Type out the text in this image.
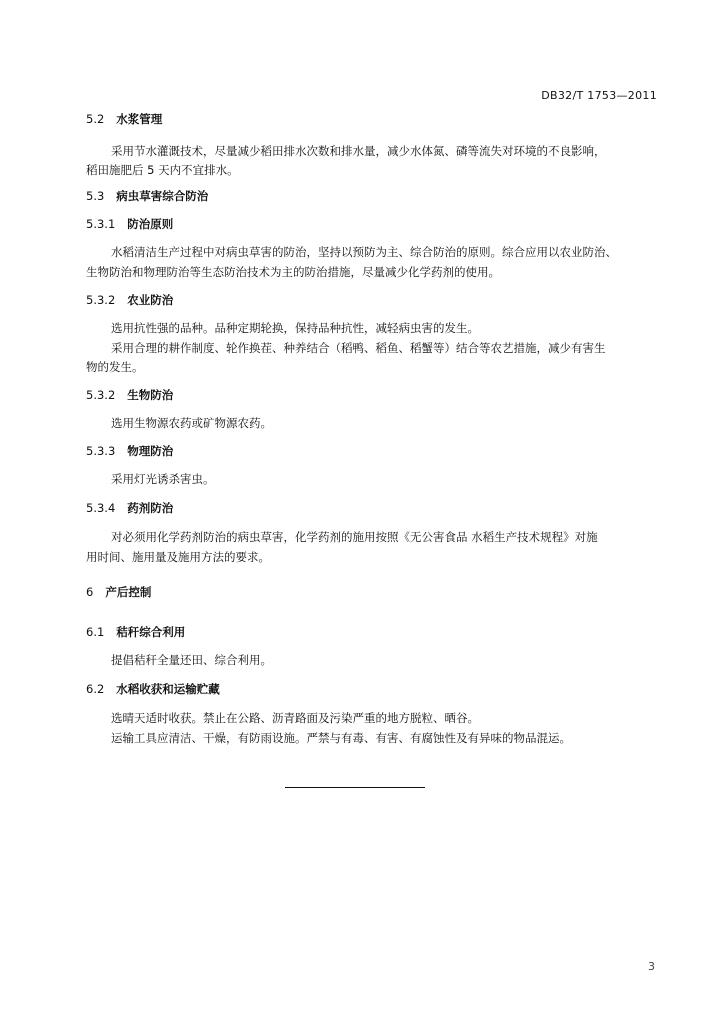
DB32/T 1753—2011
5.2 水浆管理
采用节水灌溉技术，尽量减少稻田排水次数和排水量，减少水体氮、磷等流失对环境的不良影响，
稻田施肥后 5 天内不宜排水。
5.3 病虫草害综合防治
5.3.1 防治原则
水稻清洁生产过程中对病虫草害的防治，坚持以预防为主、综合防治的原则。综合应用以农业防治、
生物防治和物理防治等生态防治技术为主的防治措施，尽量减少化学药剂的使用。
5.3.2 农业防治
选用抗性强的品种。品种定期轮换，保持品种抗性，减轻病虫害的发生。
采用合理的耕作制度、轮作换茬、种养结合（稻鸭、稻鱼、稻蟹等）结合等农艺措施，减少有害生
物的发生。
5.3.2 生物防治
选用生物源农药或矿物源农药。
5.3.3 物理防治
采用灯光诱杀害虫。
5.3.4 药剂防治
对必须用化学药剂防治的病虫草害，化学药剂的施用按照《无公害食品 水稻生产技术规程》对施
用时间、施用量及施用方法的要求。
6 产后控制
6.1 秸秆综合利用
提倡秸秆全量还田、综合利用。
6.2 水稻收获和运输贮藏
选晴天适时收获。禁止在公路、沥青路面及污染严重的地方脱粒、晒谷。
运输工具应清洁、干燥，有防雨设施。严禁与有毒、有害、有腐蚀性及有异味的物品混运。
3
